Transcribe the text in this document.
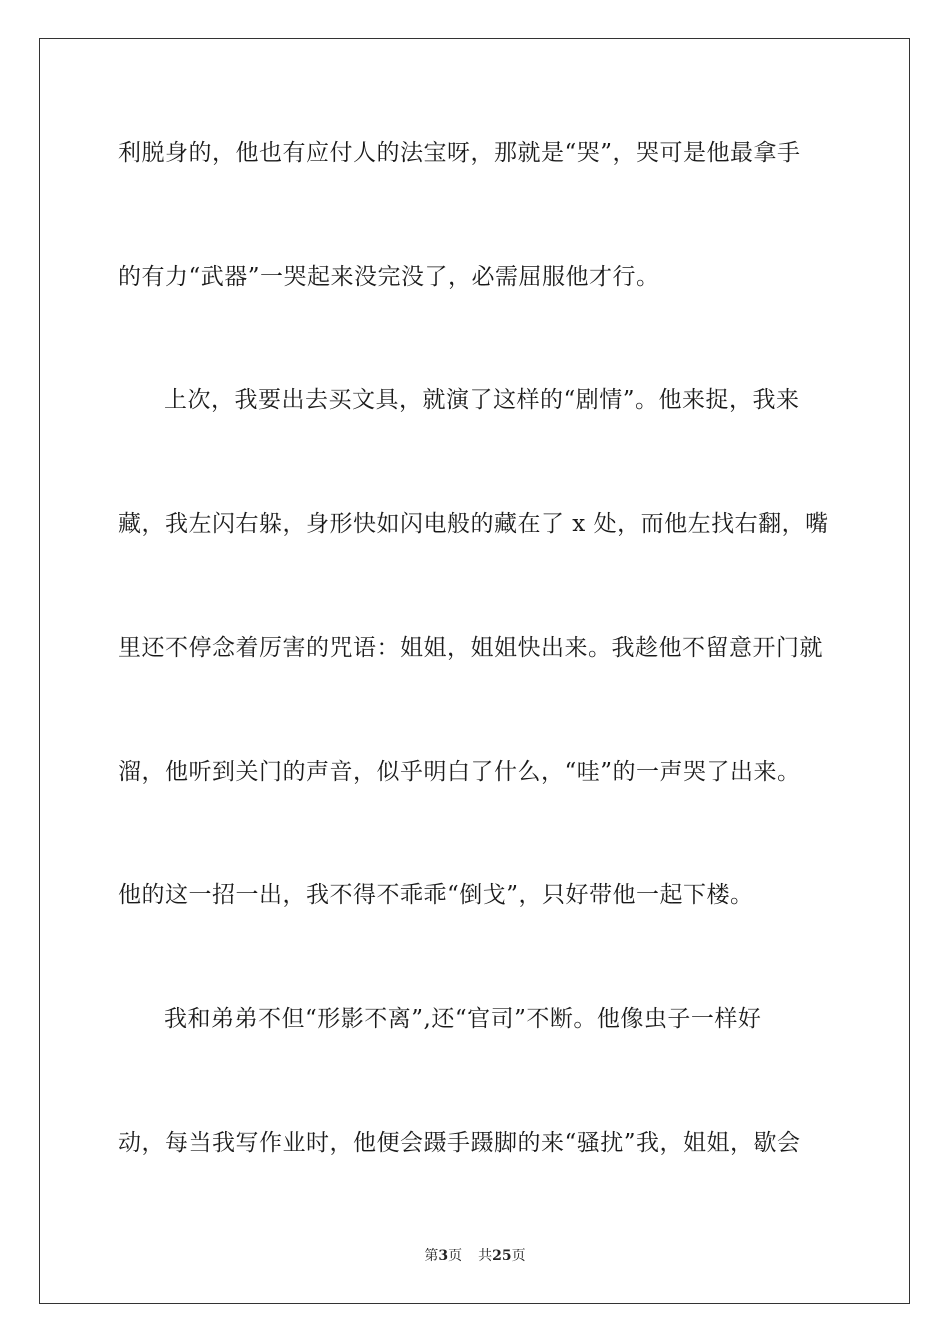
利脱身的，他也有应付人的法宝呀，那就是“哭”，哭可是他最拿手
的有力“武器”一哭起来没完没了，必需屈服他才行。
上次，我要出去买文具，就演了这样的“剧情”。他来捉，我来
藏，我左闪右躲，身形快如闪电般的藏在了 x 处，而他左找右翻，嘴
里还不停念着厉害的咒语：姐姐，姐姐快出来。我趁他不留意开门就
溜，他听到关门的声音，似乎明白了什么，“哇”的一声哭了出来。
他的这一招一出，我不得不乖乖“倒戈”，只好带他一起下楼。
我和弟弟不但“形影不离”,还“官司”不断。他像虫子一样好
动，每当我写作业时，他便会蹑手蹑脚的来“骚扰”我，姐姐，歇会
第3页 共25页
